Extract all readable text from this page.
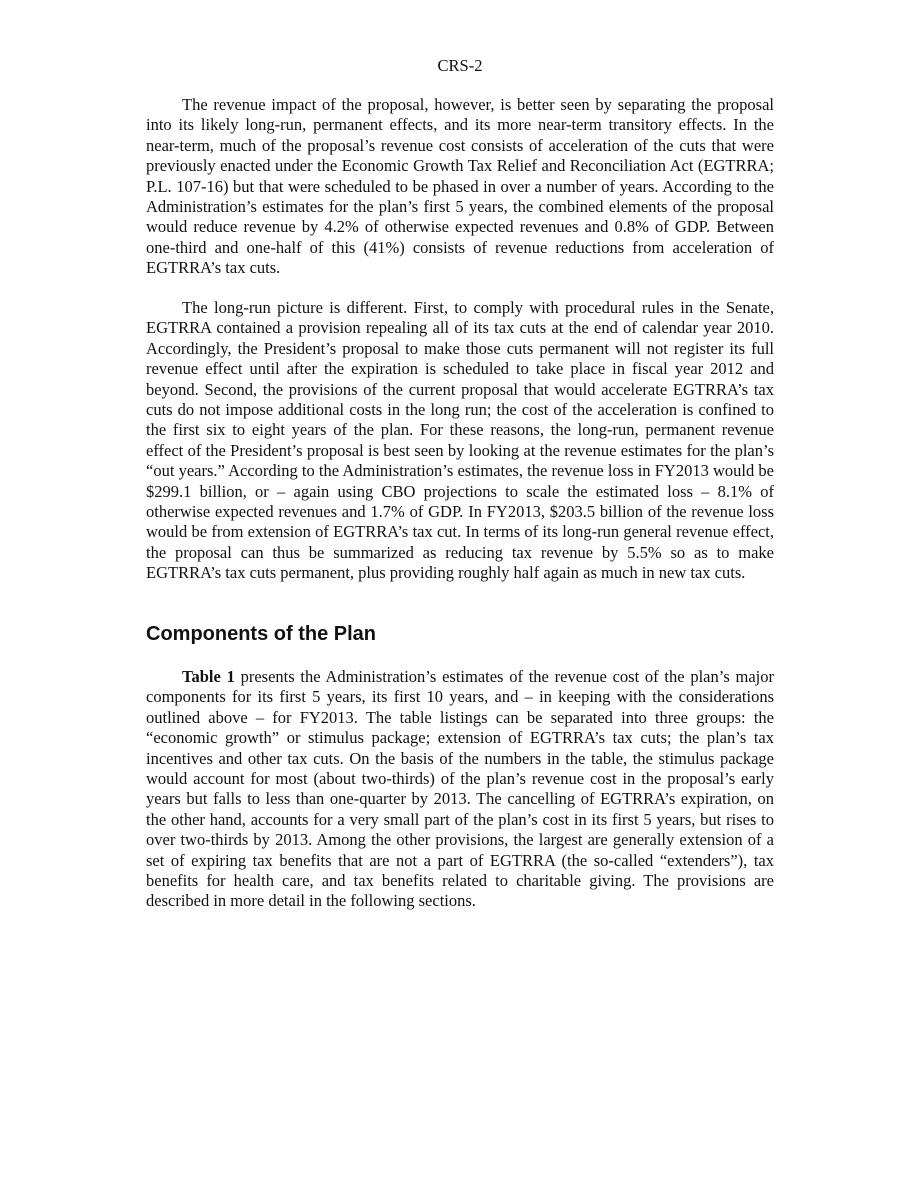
CRS-2

The revenue impact of the proposal, however, is better seen by separating the proposal into its likely long-run, permanent effects, and its more near-term transitory effects. In the near-term, much of the proposal’s revenue cost consists of acceleration of the cuts that were previously enacted under the Economic Growth Tax Relief and Reconciliation Act (EGTRRA; P.L. 107-16) but that were scheduled to be phased in over a number of years. According to the Administration’s estimates for the plan’s first 5 years, the combined elements of the proposal would reduce revenue by 4.2% of otherwise expected revenues and 0.8% of GDP. Between one-third and one-half of this (41%) consists of revenue reductions from acceleration of EGTRRA’s tax cuts.

The long-run picture is different. First, to comply with procedural rules in the Senate, EGTRRA contained a provision repealing all of its tax cuts at the end of calendar year 2010. Accordingly, the President’s proposal to make those cuts permanent will not register its full revenue effect until after the expiration is scheduled to take place in fiscal year 2012 and beyond. Second, the provisions of the current proposal that would accelerate EGTRRA’s tax cuts do not impose additional costs in the long run; the cost of the acceleration is confined to the first six to eight years of the plan. For these reasons, the long-run, permanent revenue effect of the President’s proposal is best seen by looking at the revenue estimates for the plan’s “out years.” According to the Administration’s estimates, the revenue loss in FY2013 would be $299.1 billion, or – again using CBO projections to scale the estimated loss – 8.1% of otherwise expected revenues and 1.7% of GDP. In FY2013, $203.5 billion of the revenue loss would be from extension of EGTRRA’s tax cut. In terms of its long-run general revenue effect, the proposal can thus be summarized as reducing tax revenue by 5.5% so as to make EGTRRA’s tax cuts permanent, plus providing roughly half again as much in new tax cuts.

Components of the Plan

Table 1 presents the Administration’s estimates of the revenue cost of the plan’s major components for its first 5 years, its first 10 years, and – in keeping with the considerations outlined above – for FY2013. The table listings can be separated into three groups: the “economic growth” or stimulus package; extension of EGTRRA’s tax cuts; the plan’s tax incentives and other tax cuts. On the basis of the numbers in the table, the stimulus package would account for most (about two-thirds) of the plan’s revenue cost in the proposal’s early years but falls to less than one-quarter by 2013. The cancelling of EGTRRA’s expiration, on the other hand, accounts for a very small part of the plan’s cost in its first 5 years, but rises to over two-thirds by 2013. Among the other provisions, the largest are generally extension of a set of expiring tax benefits that are not a part of EGTRRA (the so-called “extenders”), tax benefits for health care, and tax benefits related to charitable giving. The provisions are described in more detail in the following sections.
